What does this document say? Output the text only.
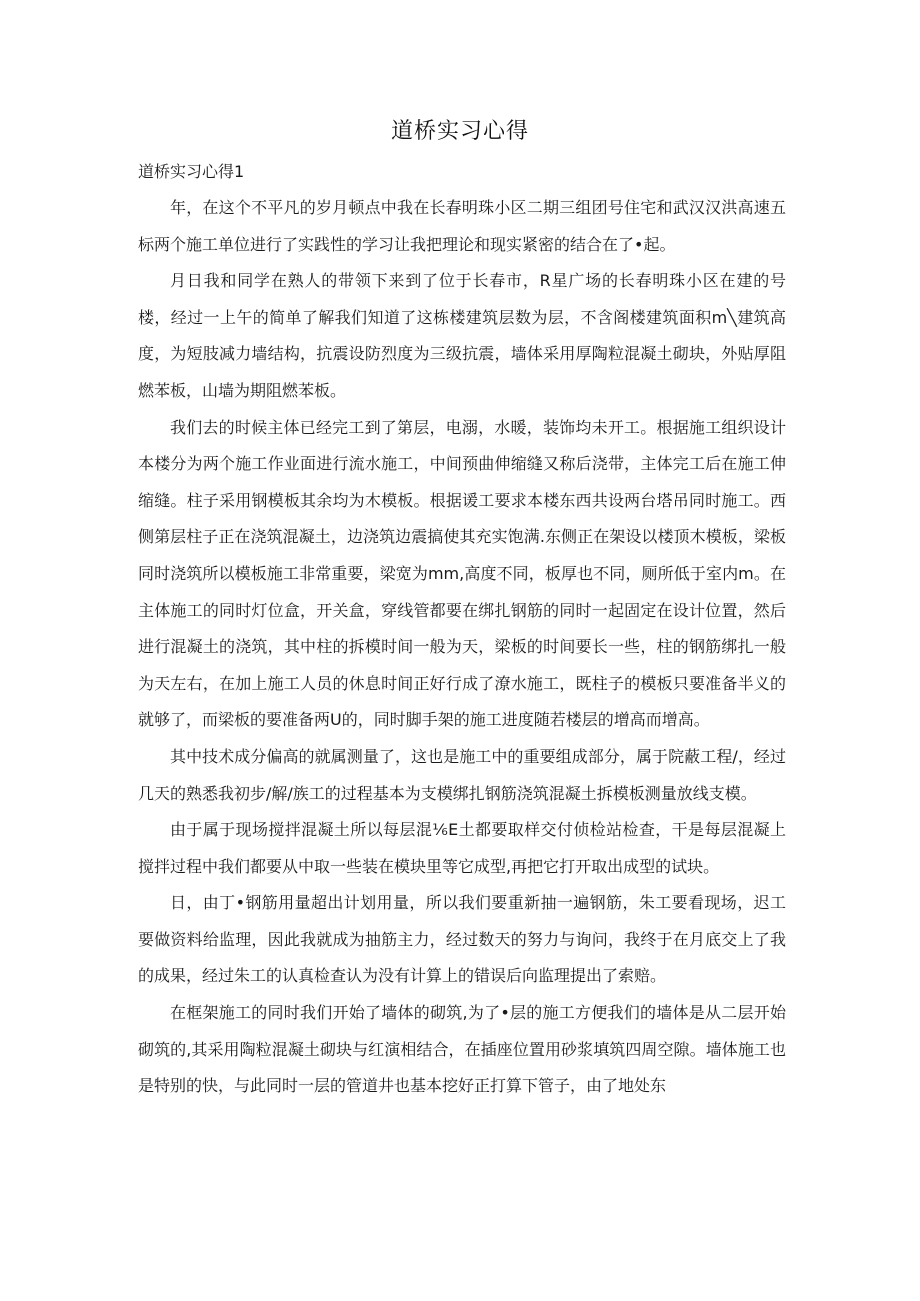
道桥实习心得
道桥实习心得1

年，在这个不平凡的岁月顿点中我在长春明珠小区二期三组团号住宅和武汉汉洪高速五标两个施工单位进行了实践性的学习让我把理论和现实紧密的结合在了•起。

月日我和同学在熟人的带领下来到了位于长春市，R星广场的长春明珠小区在建的号楼，经过一上午的简单了解我们知道了这栋楼建筑层数为层，不含阁楼建筑面积m╲建筑高度，为短肢减力墙结构，抗震设防烈度为三级抗震，墙体采用厚陶粒混凝土砌块，外贴厚阻燃苯板，山墙为期阻燃苯板。

我们去的时候主体已经完工到了第层，电溺，水暖，装饰均未开工。根据施工组织设计本楼分为两个施工作业面进行流水施工，中间预曲伸缩缝又称后浇带，主体完工后在施工伸缩缝。柱子采用钢模板其余均为木模板。根据谖工要求本楼东西共设两台塔吊同时施工。西侧第层柱子正在浇筑混凝土，边浇筑边震搞使其充实饱满.东侧正在架设以楼顶木模板，梁板同时浇筑所以模板施工非常重要，梁宽为mm,高度不同，板厚也不同，厕所低于室内m。在主体施工的同时灯位盒，开关盒，穿线管都要在绑扎钢筋的同时一起固定在设计位置，然后进行混凝土的浇筑，其中柱的拆模时间一般为天，梁板的时间要长一些，柱的钢筋绑扎一般为天左右，在加上施工人员的休息时间正好行成了潦水施工，既柱子的模板只要准备半义的就够了，而梁板的要准备两U的，同时脚手架的施工进度随若楼层的增高而增高。

其中技术成分偏高的就属测量了，这也是施工中的重要组成部分，属于院蔽工程/，经过几天的熟悉我初步/解/族工的过程基本为支模绑扎钢筋浇筑混凝土拆模板测量放线支模。

由于属于现场搅拌混凝土所以每层混⅙E土都要取样交付侦检站检查，干是每层混凝上搅拌过程中我们都要从中取一些装在模块里等它成型,再把它打开取出成型的试块。

日，由丁•钢筋用量超出计划用量，所以我们要重新抽一遍钢筋，朱工要看现场，迟工要做资料给监理，因此我就成为抽筋主力，经过数天的努力与询问，我终于在月底交上了我的成果，经过朱工的认真检查认为没有计算上的错误后向监理提出了索赔。

在框架施工的同时我们开始了墙体的砌筑,为了•层的施工方便我们的墙体是从二层开始砌筑的,其采用陶粒混凝土砌块与红演相结合，在插座位置用砂浆填筑四周空隙。墙体施工也是特别的快，与此同时一层的管道井也基本挖好正打算下管子，由了地处东
